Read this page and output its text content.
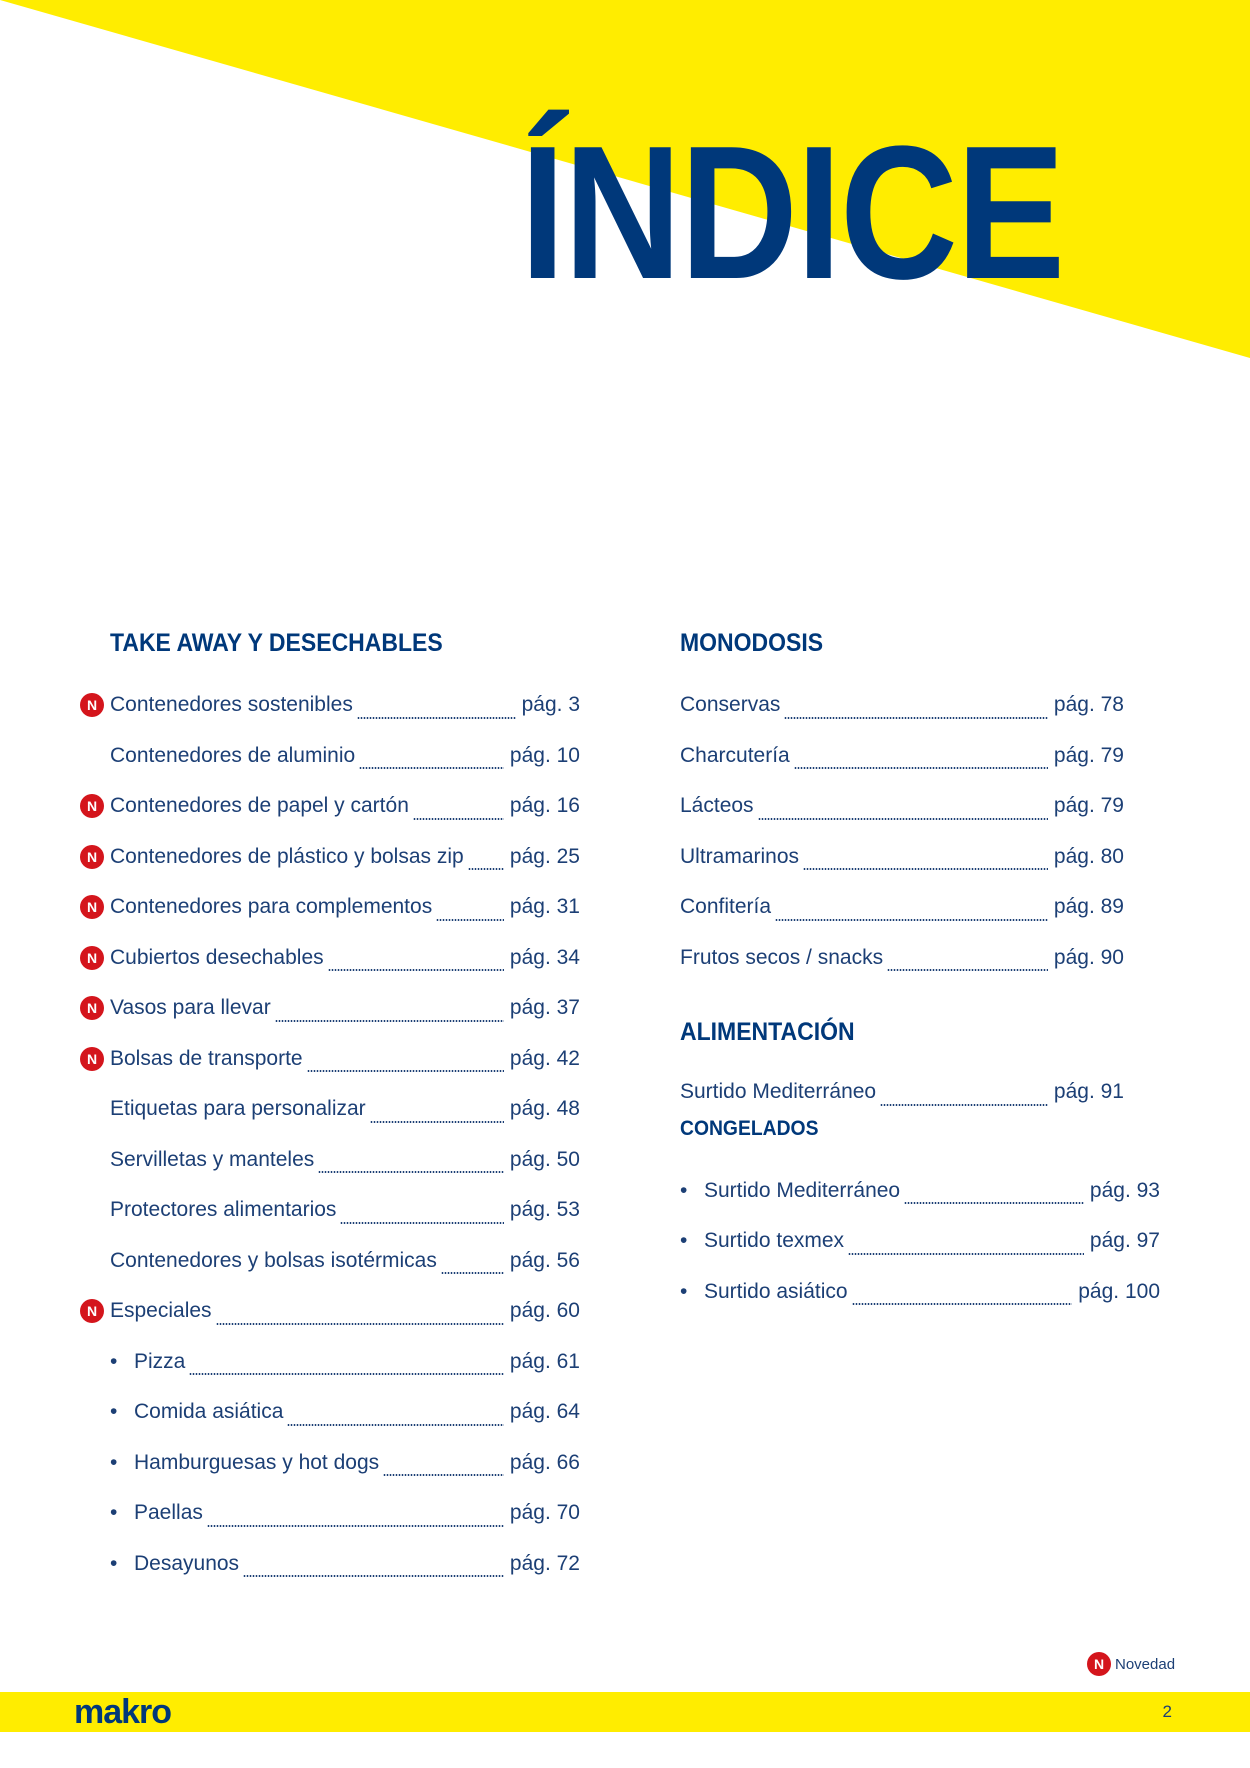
ÍNDICE
TAKE AWAY Y DESECHABLES
N Contenedores sostenibles	pág. 3
Contenedores de aluminio	pág. 10
N Contenedores de papel y cartón	pág. 16
N Contenedores de plástico y bolsas zip pág. 25
N Contenedores para complementos	pág. 31
N Cubiertos desechables	pág. 34
N Vasos para llevar	pág. 37
N Bolsas de transporte	pág. 42
Etiquetas para personalizar	pág. 48
Servilletas y manteles	pág. 50
Protectores alimentarios	pág. 53
Contenedores y bolsas isotérmicas	pág. 56
N Especiales	pág. 60
• Pizza	pág. 61
• Comida asiática	pág. 64
• Hamburguesas y hot dogs	pág. 66
• Paellas	pág. 70
• Desayunos	pág. 72
MONODOSIS
Conservas	pág. 78
Charcutería	pág. 79
Lácteos	pág. 79
Ultramarinos	pág. 80
Confitería	pág. 89
Frutos secos / snacks	pág. 90
ALIMENTACIÓN
Surtido Mediterráneo	pág. 91
CONGELADOS
• Surtido Mediterráneo	pág. 93
• Surtido texmex	pág. 97
• Surtido asiático	pág. 100
N Novedad
makro	2
